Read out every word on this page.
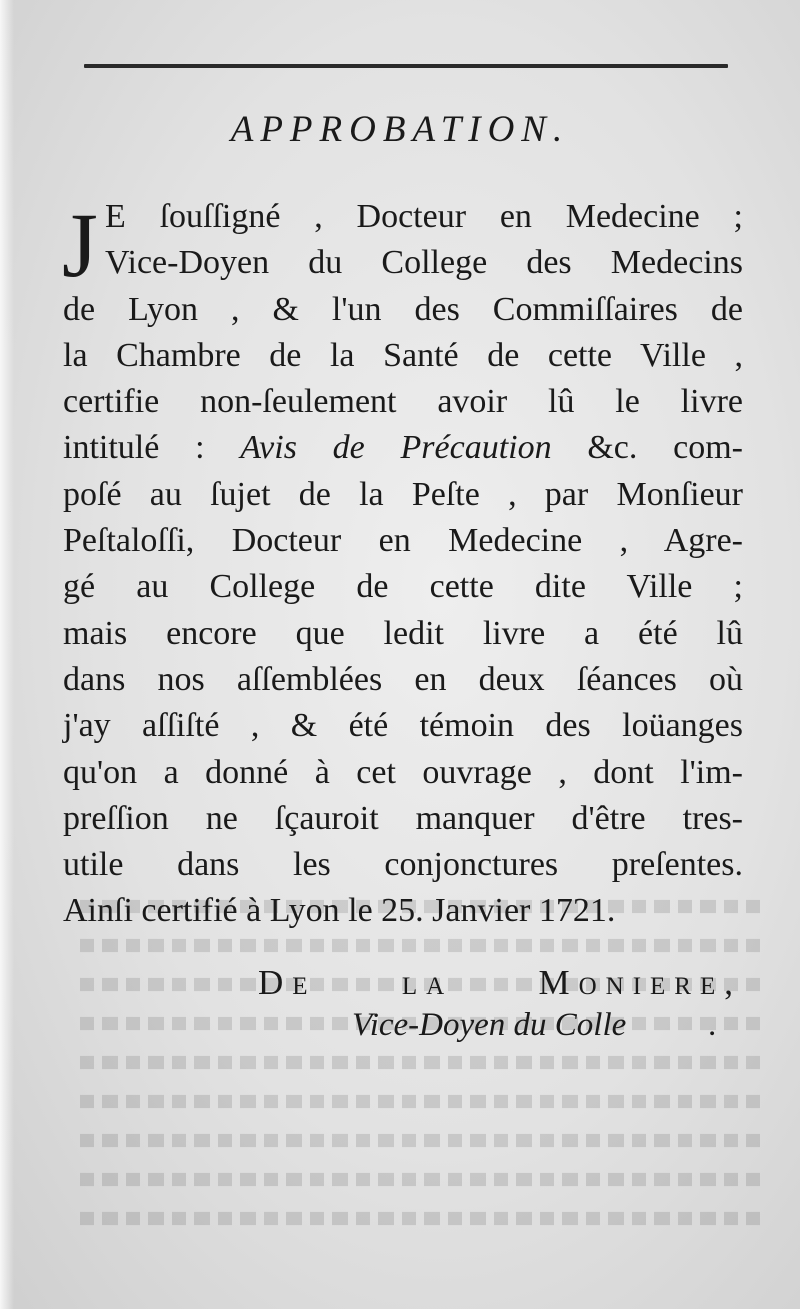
APPROBATION.
J E ſouſſigné , Docteur en Medecine ;
Vice-Doyen du College des Medecins
de Lyon , & l'un des Commiſſaires de
la Chambre de la Santé de cette Ville ,
certifie non-ſeulement avoir lû le livre
intitulé : Avis de Précaution &c. com-
poſé au ſujet de la Peſte , par Monſieur
Peſtaloſſi, Docteur en Medecine , Agre-
gé au College de cette dite Ville ;
mais encore que ledit livre a été lû
dans nos aſſemblées en deux ſéances où
j'ay aſſiſté , & été témoin des loüanges
qu'on a donné à cet ouvrage , dont l'im-
preſſion ne ſçauroit manquer d'être tres-
utile dans les conjonctures preſentes.
Ainſi certifié à Lyon le 25. Janvier 1721.
De la Moniere,
Vice-Doyen du Colle .
